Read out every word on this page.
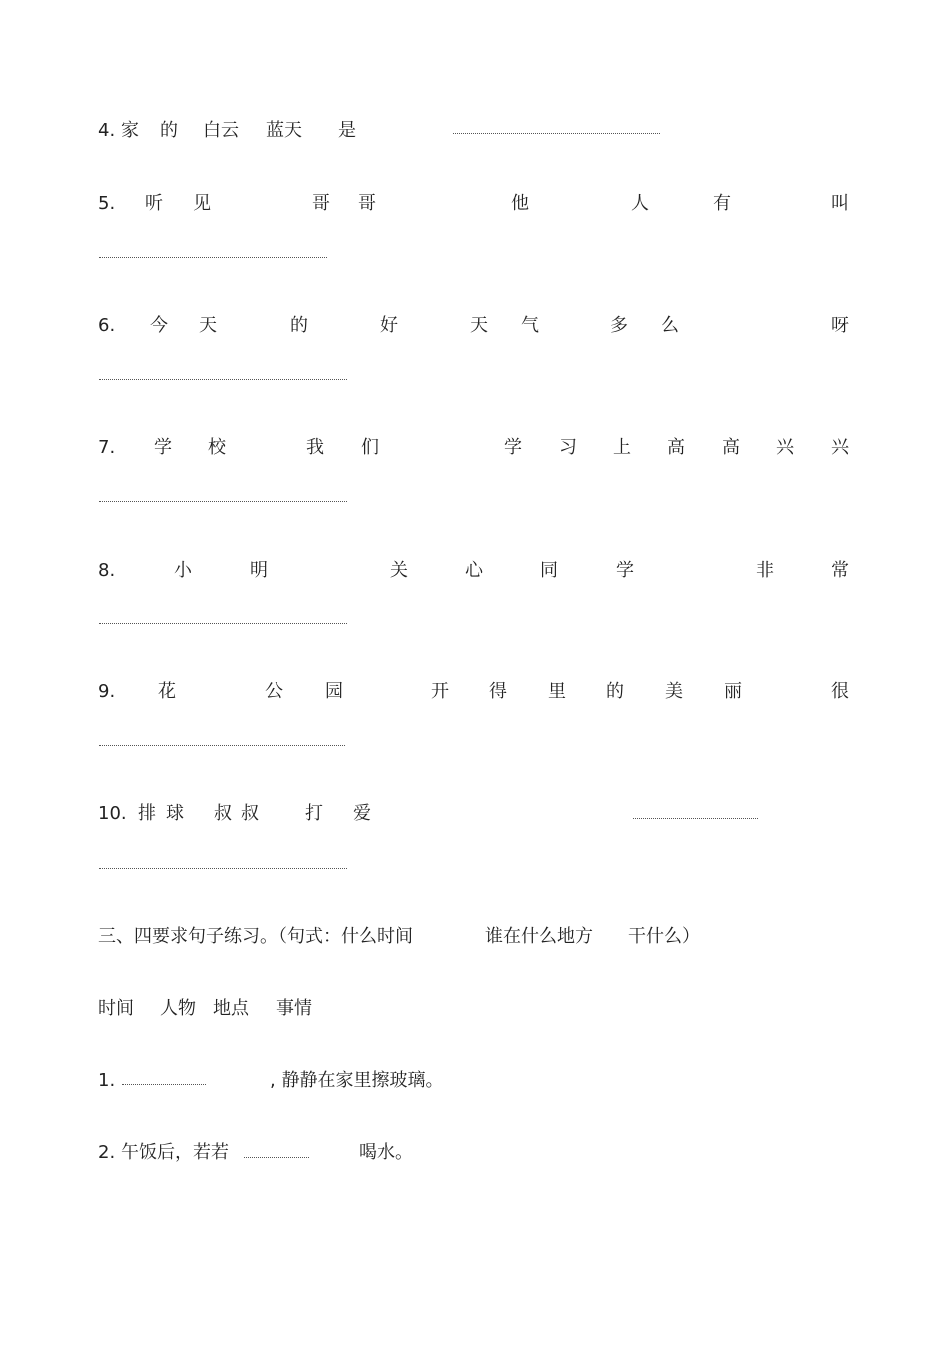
4. 家 的 白云 蓝天 是
5. 听 见	哥 哥	他	人	有	叫
6. 今 天	的	好	天 气	多 么	呀
7. 学 校	我 们	学 习 上 高 高 兴 兴
8.	小	明	关	心	同	学	非	常
9. 花	公 园	开 得 里 的 美 丽	很
10. 排 球 叔 叔	打 爱
三、四要求句子练习。（句式：什么时间	谁在什么地方 干什么）
时间 人物 地点 事情
1.	, 静静在家里擦玻璃。
2. 午饭后，若若	喝水。
